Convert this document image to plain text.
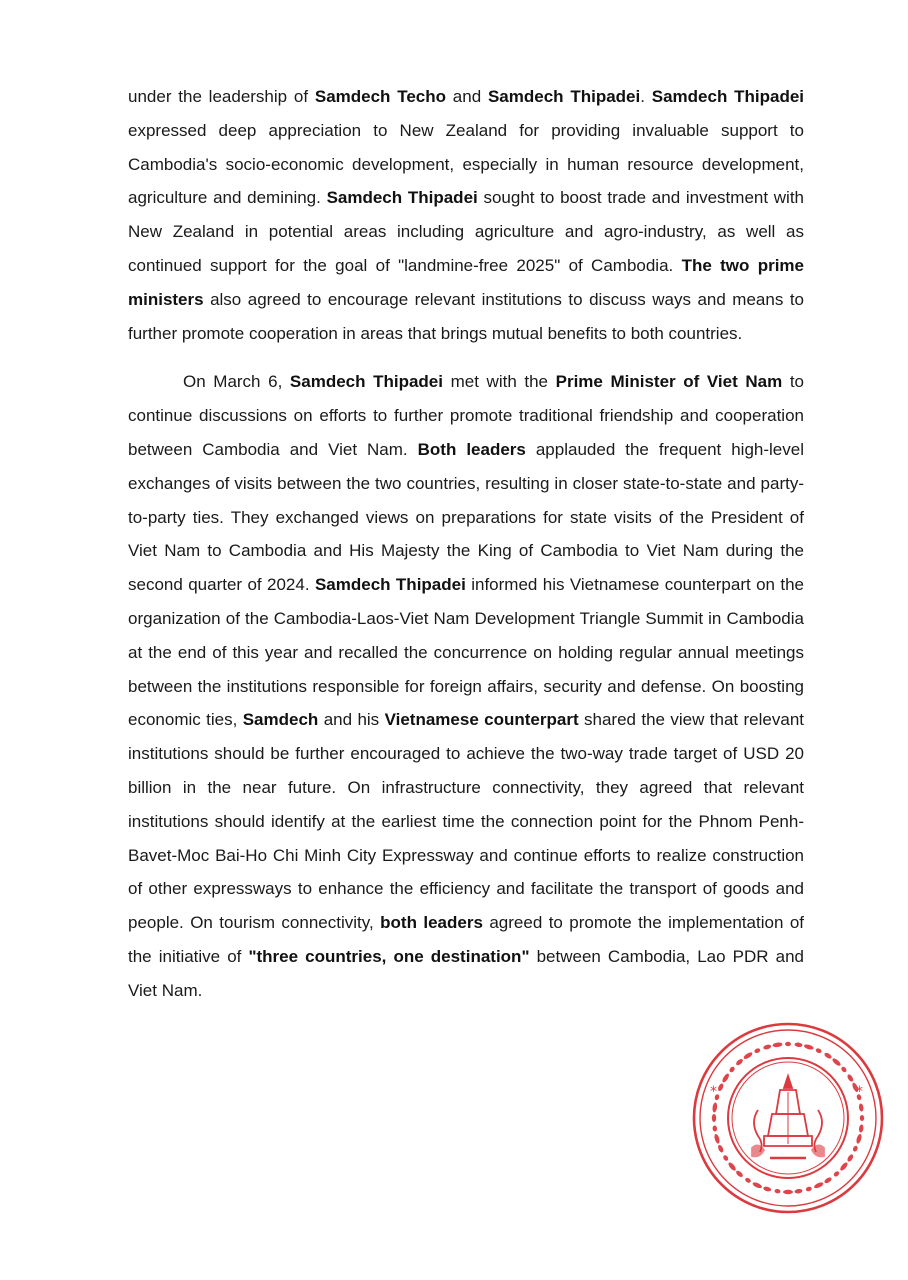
under the leadership of Samdech Techo and Samdech Thipadei. Samdech Thipadei expressed deep appreciation to New Zealand for providing invaluable support to Cambodia's socio-economic development, especially in human resource development, agriculture and demining. Samdech Thipadei sought to boost trade and investment with New Zealand in potential areas including agriculture and agro-industry, as well as continued support for the goal of "landmine-free 2025" of Cambodia. The two prime ministers also agreed to encourage relevant institutions to discuss ways and means to further promote cooperation in areas that brings mutual benefits to both countries.

On March 6, Samdech Thipadei met with the Prime Minister of Viet Nam to continue discussions on efforts to further promote traditional friendship and cooperation between Cambodia and Viet Nam. Both leaders applauded the frequent high-level exchanges of visits between the two countries, resulting in closer state-to-state and party-to-party ties. They exchanged views on preparations for state visits of the President of Viet Nam to Cambodia and His Majesty the King of Cambodia to Viet Nam during the second quarter of 2024. Samdech Thipadei informed his Vietnamese counterpart on the organization of the Cambodia-Laos-Viet Nam Development Triangle Summit in Cambodia at the end of this year and recalled the concurrence on holding regular annual meetings between the institutions responsible for foreign affairs, security and defense. On boosting economic ties, Samdech and his Vietnamese counterpart shared the view that relevant institutions should be further encouraged to achieve the two-way trade target of USD 20 billion in the near future. On infrastructure connectivity, they agreed that relevant institutions should identify at the earliest time the connection point for the Phnom Penh-Bavet-Moc Bai-Ho Chi Minh City Expressway and continue efforts to realize construction of other expressways to enhance the efficiency and facilitate the transport of goods and people. On tourism connectivity, both leaders agreed to promote the implementation of the initiative of "three countries, one destination" between Cambodia, Lao PDR and Viet Nam.

*	*
